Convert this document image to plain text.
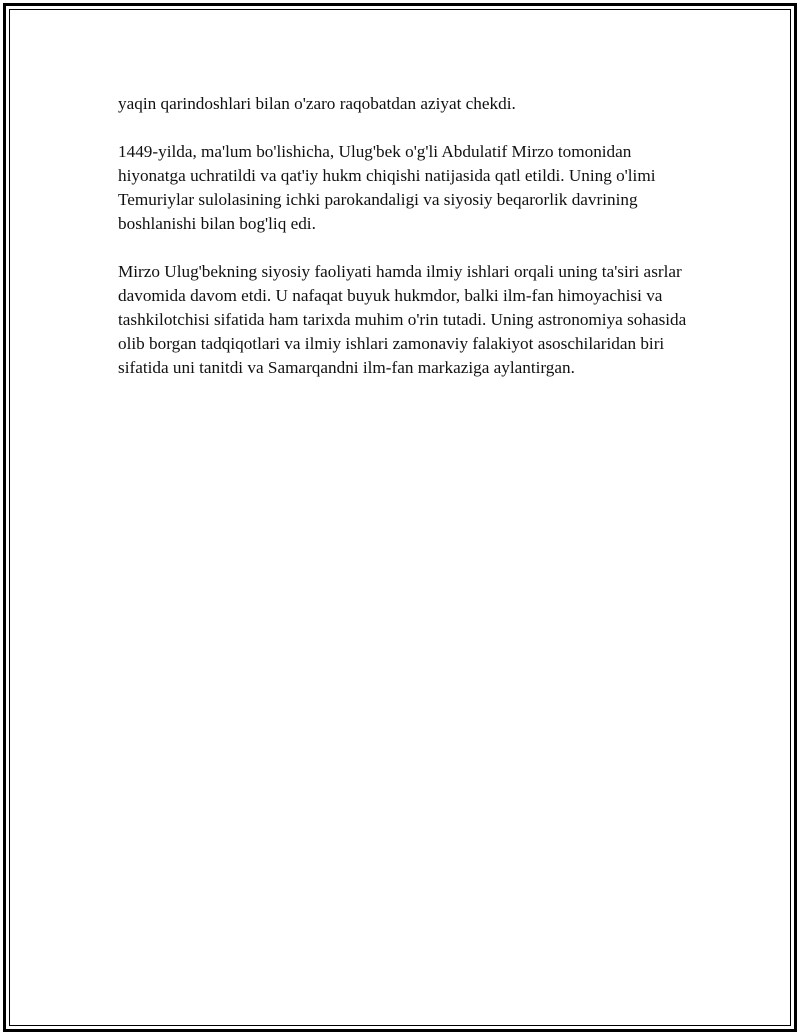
yaqin qarindoshlari bilan o'zaro raqobatdan aziyat chekdi.

1449-yilda, ma'lum bo'lishicha, Ulug'bek o'g'li Abdulatif Mirzo tomonidan hiyonatga uchratildi va qat'iy hukm chiqishi natijasida qatl etildi. Uning o'limi Temuriylar sulolasining ichki parokandaligi va siyosiy beqarorlik davrining boshlanishi bilan bog'liq edi.

Mirzo Ulug'bekning siyosiy faoliyati hamda ilmiy ishlari orqali uning ta'siri asrlar davomida davom etdi. U nafaqat buyuk hukmdor, balki ilm-fan himoyachisi va tashkilotchisi sifatida ham tarixda muhim o'rin tutadi. Uning astronomiya sohasida olib borgan tadqiqotlari va ilmiy ishlari zamonaviy falakiyot asoschilaridan biri sifatida uni tanitdi va Samarqandni ilm-fan markaziga aylantirgan.
